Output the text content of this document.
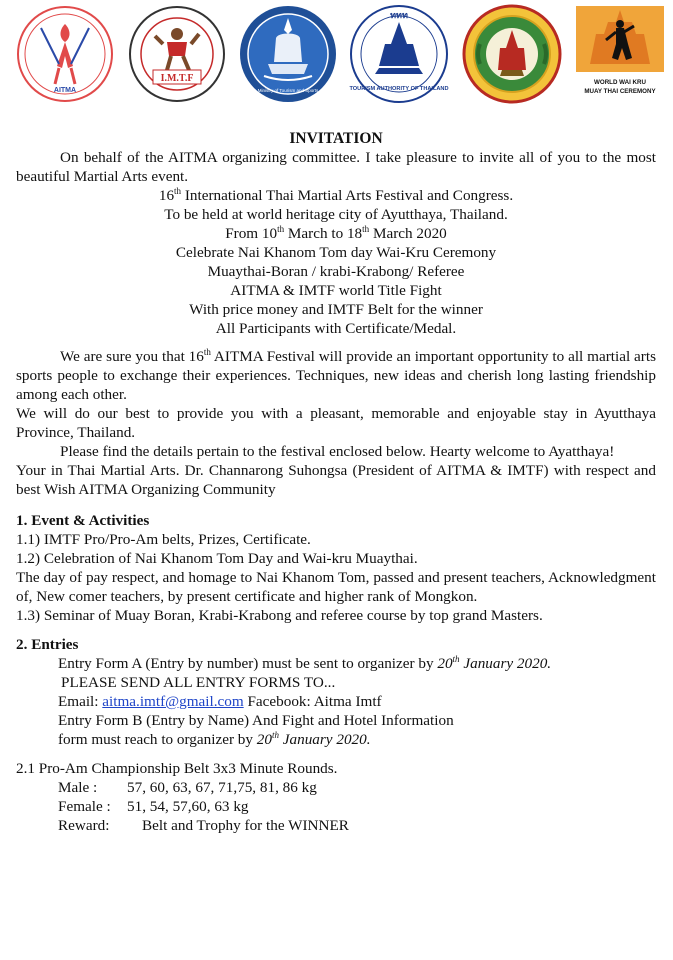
AITMA
I.M.T.F
Ministry of Tourism and Sports
ททท
TOURISM AUTHORITY OF THAILAND
WORLD WAI KRU
MUAY THAI CEREMONY

INVITATION

On behalf of the AITMA organizing committee. I take pleasure to invite all of you to the most beautiful Martial Arts event.

16th International Thai Martial Arts Festival and Congress.

To be held at world heritage city of Ayutthaya, Thailand.

From 10th March to 18th March 2020

Celebrate Nai Khanom Tom day Wai-Kru Ceremony

Muaythai-Boran / krabi-Krabong/ Referee

AITMA & IMTF world Title Fight

With price money and IMTF Belt for the winner

All Participants with Certificate/Medal.

We are sure you that 16th AITMA Festival will provide an important opportunity to all martial arts sports people to exchange their experiences. Techniques, new ideas and cherish long lasting friendship among each other.

We will do our best to provide you with a pleasant, memorable and enjoyable stay in Ayutthaya Province, Thailand.

Please find the details pertain to the festival enclosed below. Hearty welcome to Ayatthaya!

Your in Thai Martial Arts. Dr. Channarong Suhongsa (President of AITMA & IMTF) with respect and best Wish AITMA Organizing Community

1. Event & Activities

1.1) IMTF Pro/Pro-Am belts, Prizes, Certificate.

1.2) Celebration of Nai Khanom Tom Day and Wai-kru Muaythai.

The day of pay respect, and homage to Nai Khanom Tom, passed and present teachers, Acknowledgment of, New comer teachers, by present certificate and higher rank of Mongkon.

1.3) Seminar of Muay Boran, Krabi-Krabong and referee course by top grand Masters.

2. Entries

Entry Form A (Entry by number) must be sent to organizer by 20th January 2020.

PLEASE SEND ALL ENTRY FORMS TO...

Email: aitma.imtf@gmail.com Facebook: Aitma Imtf

Entry Form B (Entry by Name) And Fight and Hotel Information

form must reach to organizer by 20th January 2020.

2.1 Pro-Am Championship Belt 3x3 Minute Rounds.

Male :	57, 60, 63, 67, 71,75, 81, 86 kg
Female :	51, 54, 57,60, 63 kg
Reward:	Belt and Trophy for the WINNER
